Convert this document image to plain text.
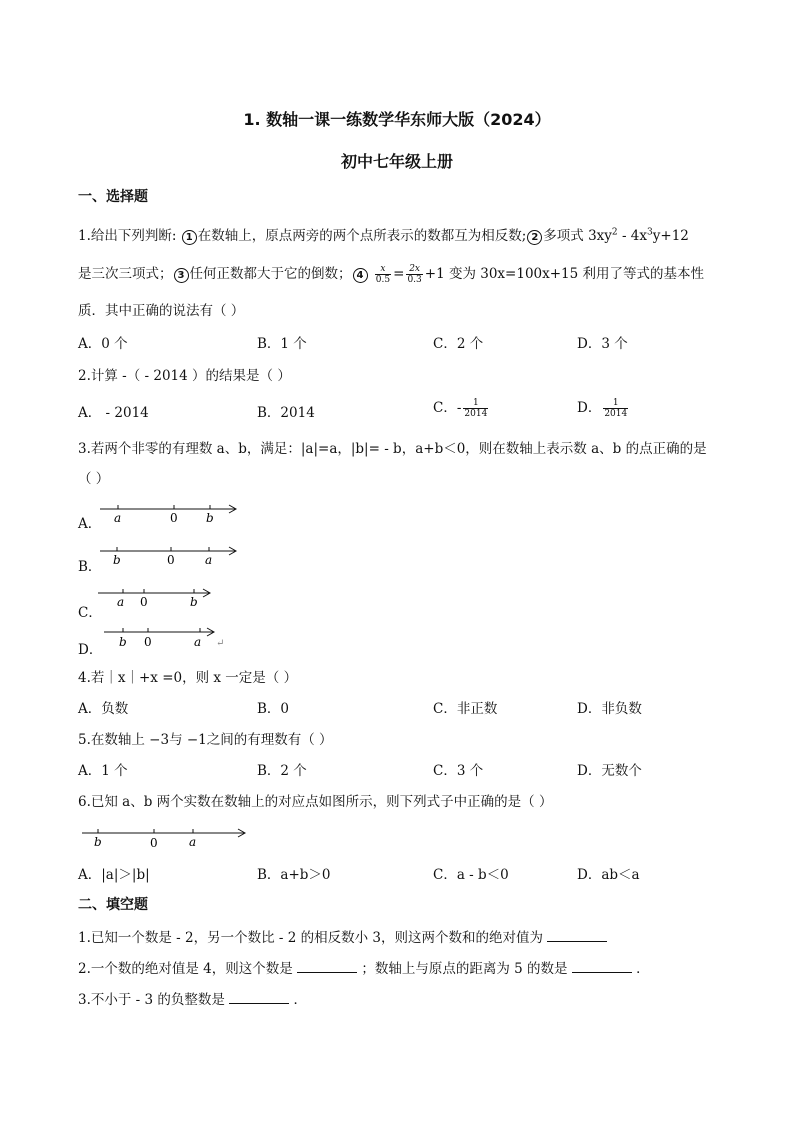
1. 数轴一课一练数学华东师大版（2024）
初中七年级上册
一、选择题
1.给出下列判断: 1 在数轴上，原点两旁的两个点所表示的数都互为相反数; 2 多项式 $3xy^2 - 4x^3y+12$
是三次三项式； 3 任何正数都大于它的倒数； $4 \frac{x}{0.5} = \frac{2x}{0.3} +1$ 变为 30x=100x+15 利用了等式的基本性
质．其中正确的说法有（ ）
A．0 个	B．1 个	C．2 个	D．3 个
2.计算 -（ - 2014 ）的结果是（ ）
A． - 2014	B．2014	C．- $\frac{1}{2014}$	D． $\frac{1}{2014}$
3.若两个非零的有理数 a、b，满足：|a|=a，|b|= - b，a+b＜0，则在数轴上表示数 a、b 的点正确的是
（ ）
A． a	0 b
B． b	0	a
C．
a 0	b
D． b 0	a ↵
4.若｜x｜+x =0，则 x 一定是（ ）
A．负数	B．0	C．非正数	D．非负数
5.在数轴上 −3与 −1之间的有理数有（ ）
A．1 个	B．2 个	C．3 个	D．无数个
6.已知 a、b 两个实数在数轴上的对应点如图所示，则下列式子中正确的是（ ）
b	0	a
A．|a|＞|b|	B．a+b＞0	C．a - b＜0	D．ab＜a
二、填空题
1.已知一个数是 - 2，另一个数比 - 2 的相反数小 3，则这两个数和的绝对值为
2.一个数的绝对值是 4，则这个数是	；数轴上与原点的距离为 5 的数是	．
3.不小于 - 3 的负整数是	．
